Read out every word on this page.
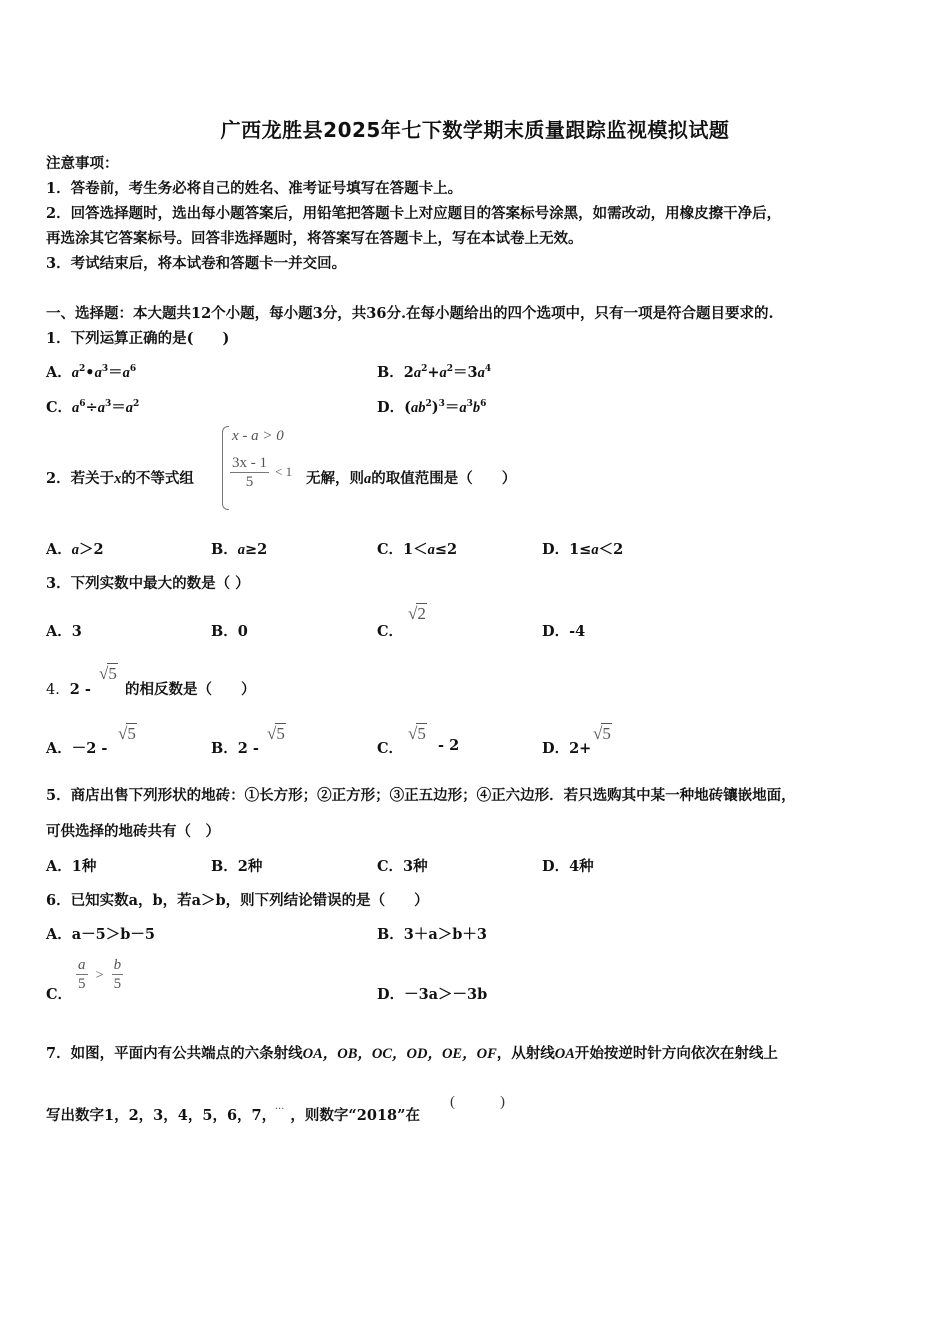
广西龙胜县2025年七下数学期末质量跟踪监视模拟试题
注意事项：
1．答卷前，考生务必将自己的姓名、准考证号填写在答题卡上。
2．回答选择题时，选出每小题答案后，用铅笔把答题卡上对应题目的答案标号涂黑，如需改动，用橡皮擦干净后，
再选涂其它答案标号。回答非选择题时，将答案写在答题卡上，写在本试卷上无效。
3．考试结束后，将本试卷和答题卡一并交回。
一、选择题：本大题共12个小题，每小题3分，共36分.在每小题给出的四个选项中，只有一项是符合题目要求的.
1．下列运算正确的是(　　)
A．$a^2•a^3=a^6$	B．$2a^2+a^2=3a^4$
C．$a^6\div a^3=a^2$	D．$(ab^2)^3=a^3b^6$
2．若关于x的不等式组
x - a > 0
$\frac{3x - 1}{5} < 1$ 无解，则a的取值范围是（　　）
A．a＞2	B．a≥2	C．1＜a≤2	D．1≤a＜2
3．下列实数中最大的数是（ ）
A．3	B．0	C．
√2
D．-4
4．2 -
√5
的相反数是（　　）
A．－2 -
√5
B．2 -
√5
C．
√5
- 2	D．2+
√5
5．商店出售下列形状的地砖：①长方形；②正方形；③正五边形；④正六边形．若只选购其中某一种地砖镶嵌地面，
可供选择的地砖共有（　）
A．1种	B．2种	C．3种	D．4种
6．已知实数a，b，若a＞b，则下列结论错误的是（　　）
A．a－5＞b－5	B．3＋a＞b＋3
C．
$\frac{a}{5} > \frac{b}{5}$
D．－3a＞－3b
7．如图，平面内有公共端点的六条射线OA，OB，OC，OD，OE，OF，从射线OA开始按逆时针方向依次在射线上
写出数字1，2，3，4，5，6，7， ··· ，则数字“2018”在
(　　　)
